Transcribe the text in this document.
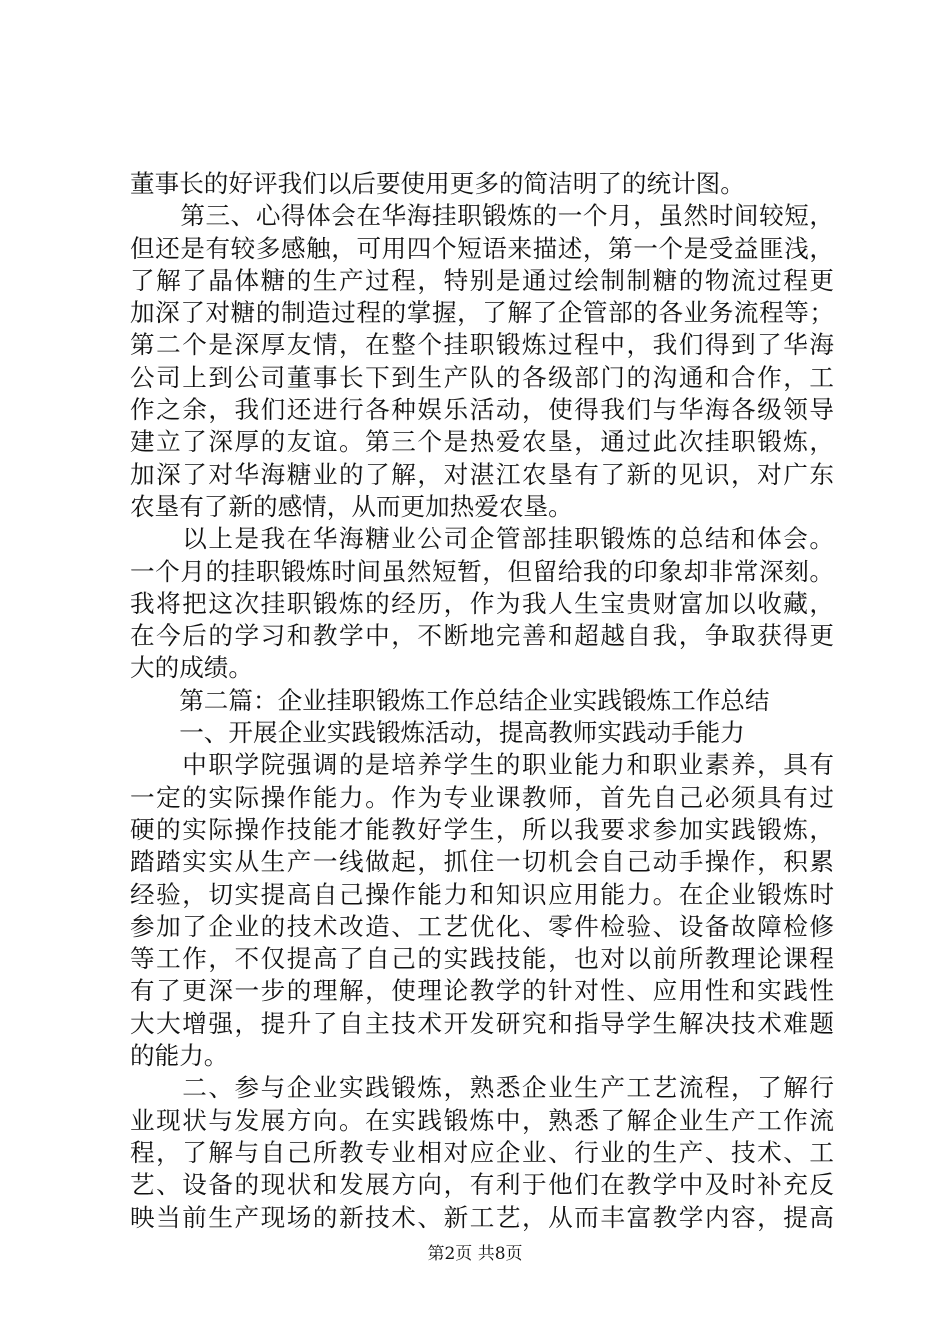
董事长的好评我们以后要使用更多的简洁明了的统计图。
　　第三、心得体会在华海挂职锻炼的一个月，虽然时间较短，
但还是有较多感触，可用四个短语来描述，第一个是受益匪浅，
了解了晶体糖的生产过程，特别是通过绘制制糖的物流过程更
加深了对糖的制造过程的掌握，了解了企管部的各业务流程等；
第二个是深厚友情，在整个挂职锻炼过程中，我们得到了华海
公司上到公司董事长下到生产队的各级部门的沟通和合作，工
作之余，我们还进行各种娱乐活动，使得我们与华海各级领导
建立了深厚的友谊。第三个是热爱农垦，通过此次挂职锻炼，
加深了对华海糖业的了解，对湛江农垦有了新的见识，对广东
农垦有了新的感情，从而更加热爱农垦。
　　以上是我在华海糖业公司企管部挂职锻炼的总结和体会。
一个月的挂职锻炼时间虽然短暂，但留给我的印象却非常深刻。
我将把这次挂职锻炼的经历，作为我人生宝贵财富加以收藏，
在今后的学习和教学中，不断地完善和超越自我，争取获得更
大的成绩。
　　第二篇：企业挂职锻炼工作总结企业实践锻炼工作总结
　　一、开展企业实践锻炼活动，提高教师实践动手能力
　　中职学院强调的是培养学生的职业能力和职业素养，具有
一定的实际操作能力。作为专业课教师，首先自己必须具有过
硬的实际操作技能才能教好学生，所以我要求参加实践锻炼，
踏踏实实从生产一线做起，抓住一切机会自己动手操作，积累
经验，切实提高自己操作能力和知识应用能力。在企业锻炼时
参加了企业的技术改造、工艺优化、零件检验、设备故障检修
等工作，不仅提高了自己的实践技能，也对以前所教理论课程
有了更深一步的理解，使理论教学的针对性、应用性和实践性
大大增强，提升了自主技术开发研究和指导学生解决技术难题
的能力。
　　二、参与企业实践锻炼，熟悉企业生产工艺流程，了解行
业现状与发展方向。在实践锻炼中，熟悉了解企业生产工作流
程，了解与自己所教专业相对应企业、行业的生产、技术、工
艺、设备的现状和发展方向，有利于他们在教学中及时补充反
映当前生产现场的新技术、新工艺，从而丰富教学内容，提高
第2页 共8页
